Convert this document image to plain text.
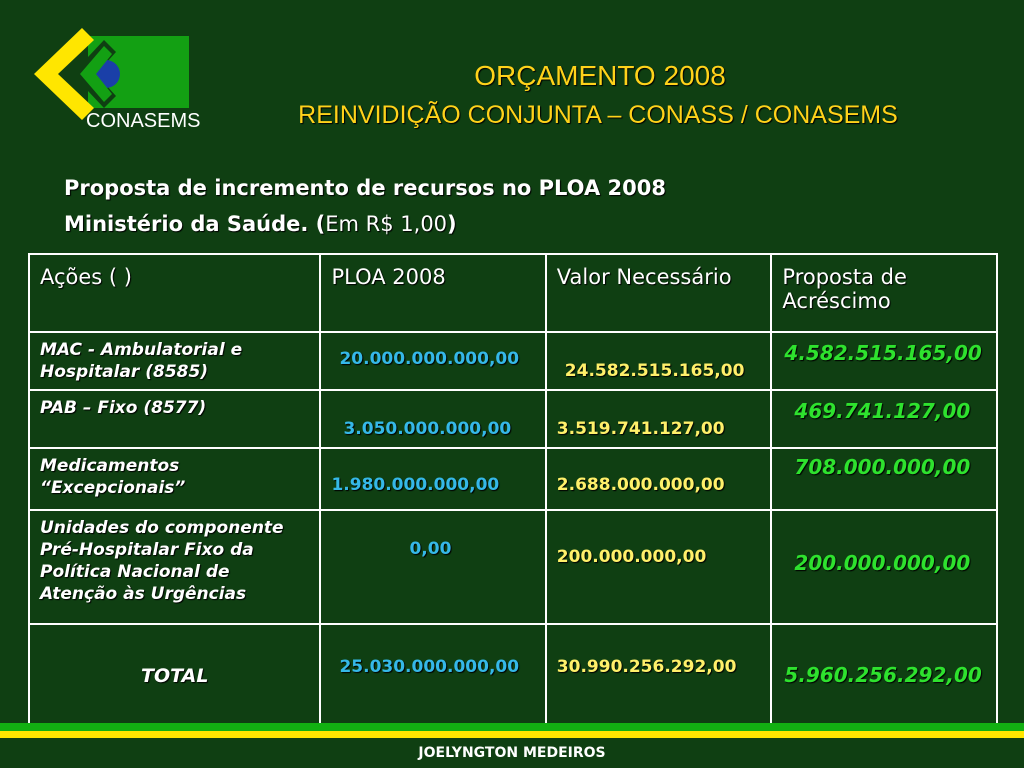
CONASEMS
ORÇAMENTO 2008
REINVIDIÇÃO CONJUNTA – CONASS / CONASEMS
Proposta de incremento de recursos no PLOA 2008
Ministério da Saúde. (Em R$ 1,00)
Ações ( )	PLOA 2008	Valor Necessário	Proposta de Acréscimo

MAC - Ambulatorial e Hospitalar (8585)	20.000.000.000,00	24.582.515.165,00	4.582.515.165,00

PAB – Fixo (8577)	3.050.000.000,00	3.519.741.127,00	469.741.127,00

Medicamentos “Excepcionais”	1.980.000.000,00	2.688.000.000,00	708.000.000,00

Unidades do componente Pré-Hospitalar Fixo da Política Nacional de Atenção às Urgências	0,00	200.000.000,00	200.000.000,00

TOTAL	25.030.000.000,00	30.990.256.292,00	5.960.256.292,00
JOELYNGTON MEDEIROS
